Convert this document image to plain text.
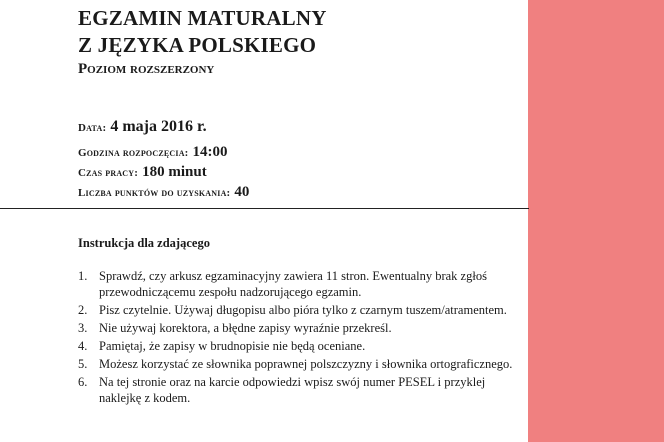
EGZAMIN MATURALNY
Z JĘZYKA POLSKIEGO
Poziom rozszerzony
Data: 4 maja 2016 r.
Godzina rozpoczęcia: 14:00
Czas pracy: 180 minut
Liczba punktów do uzyskania: 40
Instrukcja dla zdającego
1. Sprawdź, czy arkusz egzaminacyjny zawiera 11 stron. Ewentualny brak zgłoś przewodniczącemu zespołu nadzorującego egzamin.
2. Pisz czytelnie. Używaj długopisu albo pióra tylko z czarnym tuszem/atramentem.
3. Nie używaj korektora, a błędne zapisy wyraźnie przekreśl.
4. Pamiętaj, że zapisy w brudnopisie nie będą oceniane.
5. Możesz korzystać ze słownika poprawnej polszczyzny i słownika ortograficznego.
6. Na tej stronie oraz na karcie odpowiedzi wpisz swój numer PESEL i przyklej naklejkę z kodem.
